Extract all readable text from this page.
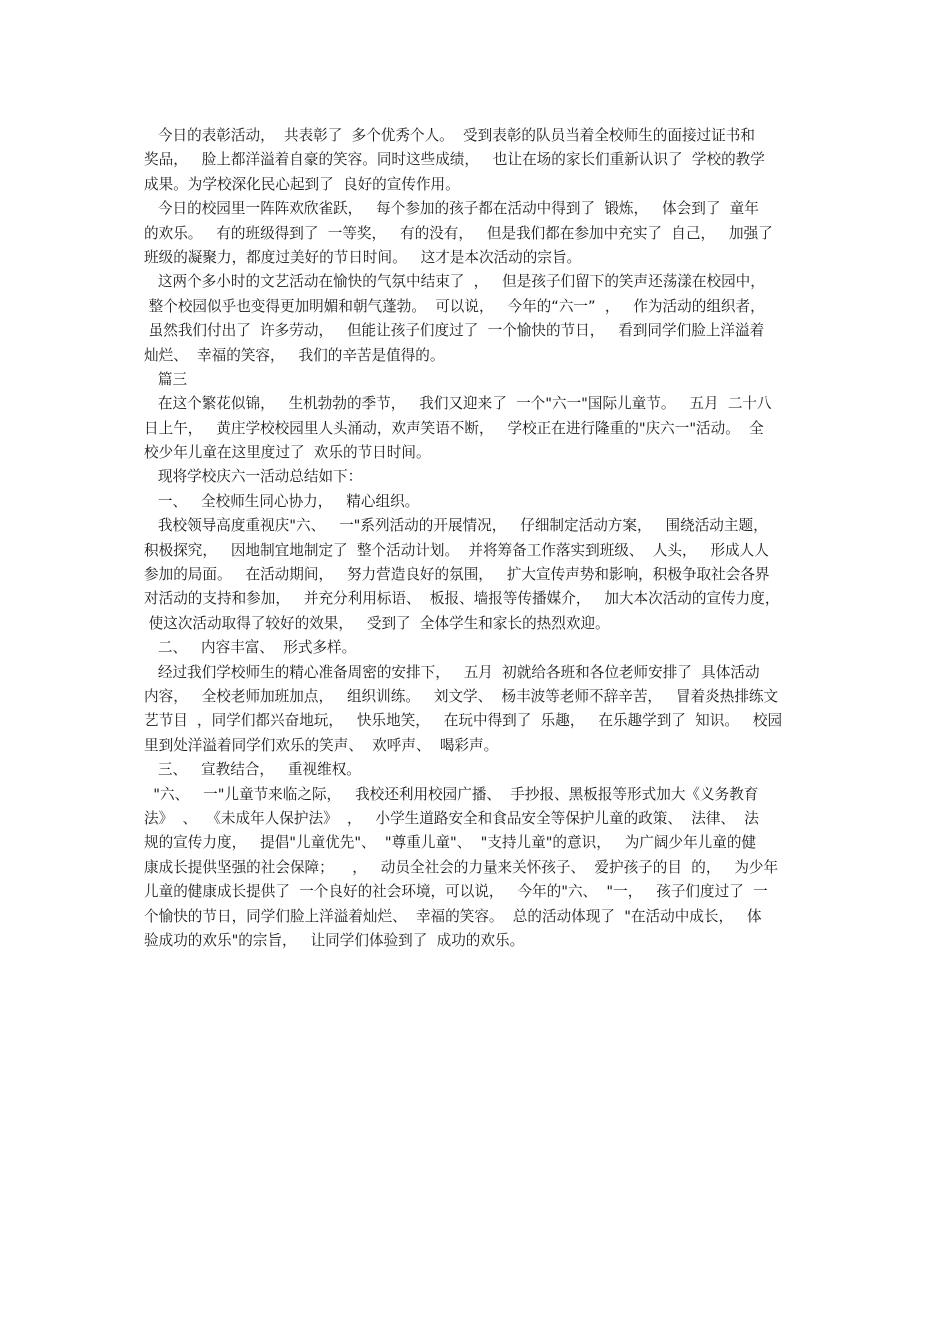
今日的表彰活动，  共表彰了  多个优秀个人。  受到表彰的队员当着全校师生的面接过证书和
奖品，   脸上都洋溢着自豪的笑容。同时这些成绩，   也让在场的家长们重新认识了  学校的教学
成果。为学校深化民心起到了  良好的宣传作用。
今日的校园里一阵阵欢欣雀跃，   每个参加的孩子都在活动中得到了  锻炼，   体会到了  童年
的欢乐。   有的班级得到了  一等奖，   有的没有，   但是我们都在参加中充实了  自己，   加强了
班级的凝聚力，都度过美好的节日时间。   这才是本次活动的宗旨。
这两个多小时的文艺活动在愉快的气氛中结束了  ，   但是孩子们留下的笑声还荡漾在校园中，
整个校园似乎也变得更加明媚和朝气蓬勃。  可以说，   今年的“六一”  ，   作为活动的组织者，
虽然我们付出了  许多劳动，   但能让孩子们度过了  一个愉快的节日，   看到同学们脸上洋溢着
灿烂、  幸福的笑容，   我们的辛苦是值得的。
篇三
在这个繁花似锦，   生机勃勃的季节，   我们又迎来了  一个"六一"国际儿童节。   五月  二十八
日上午，   黄庄学校校园里人头涌动，欢声笑语不断，   学校正在进行隆重的"庆六一"活动。  全
校少年儿童在这里度过了  欢乐的节日时间。
现将学校庆六一活动总结如下：
一、   全校师生同心协力，   精心组织。
我校领导高度重视庆"六、   一"系列活动的开展情况，   仔细制定活动方案，   围绕活动主题，
积极探究，   因地制宜地制定了  整个活动计划。  并将筹备工作落实到班级、  人头，   形成人人
参加的局面。   在活动期间，   努力营造良好的氛围，   扩大宣传声势和影响，积极争取社会各界
对活动的支持和参加，   并充分利用标语、  板报、墙报等传播媒介，   加大本次活动的宣传力度，
使这次活动取得了较好的效果，   受到了  全体学生和家长的热烈欢迎。
二、   内容丰富、  形式多样。
经过我们学校师生的精心准备周密的安排下，   五月  初就给各班和各位老师安排了  具体活动
内容，   全校老师加班加点，   组织训练。   刘文学、  杨丰波等老师不辞辛苦，   冒着炎热排练文
艺节目  ，同学们都兴奋地玩，   快乐地笑，   在玩中得到了  乐趣，   在乐趣学到了  知识。   校园
里到处洋溢着同学们欢乐的笑声、  欢呼声、  喝彩声。
三、   宣教结合，   重视维权。
"六、   一"儿童节来临之际，   我校还利用校园广播、  手抄报、黑板报等形式加大《义务教育
法》  、  《未成年人保护法》  ，   小学生道路安全和食品安全等保护儿童的政策、  法律、  法
规的宣传力度，   提倡"儿童优先"、  "尊重儿童"、  "支持儿童"的意识，   为广阔少年儿童的健
康成长提供坚强的社会保障；    ，   动员全社会的力量来关怀孩子、  爱护孩子的目  的，   为少年
儿童的健康成长提供了  一个良好的社会环境，可以说，   今年的"六、  "一，   孩子们度过了  一
个愉快的节日，同学们脸上洋溢着灿烂、  幸福的笑容。  总的活动体现了  "在活动中成长，   体
验成功的欢乐"的宗旨，   让同学们体验到了  成功的欢乐。
